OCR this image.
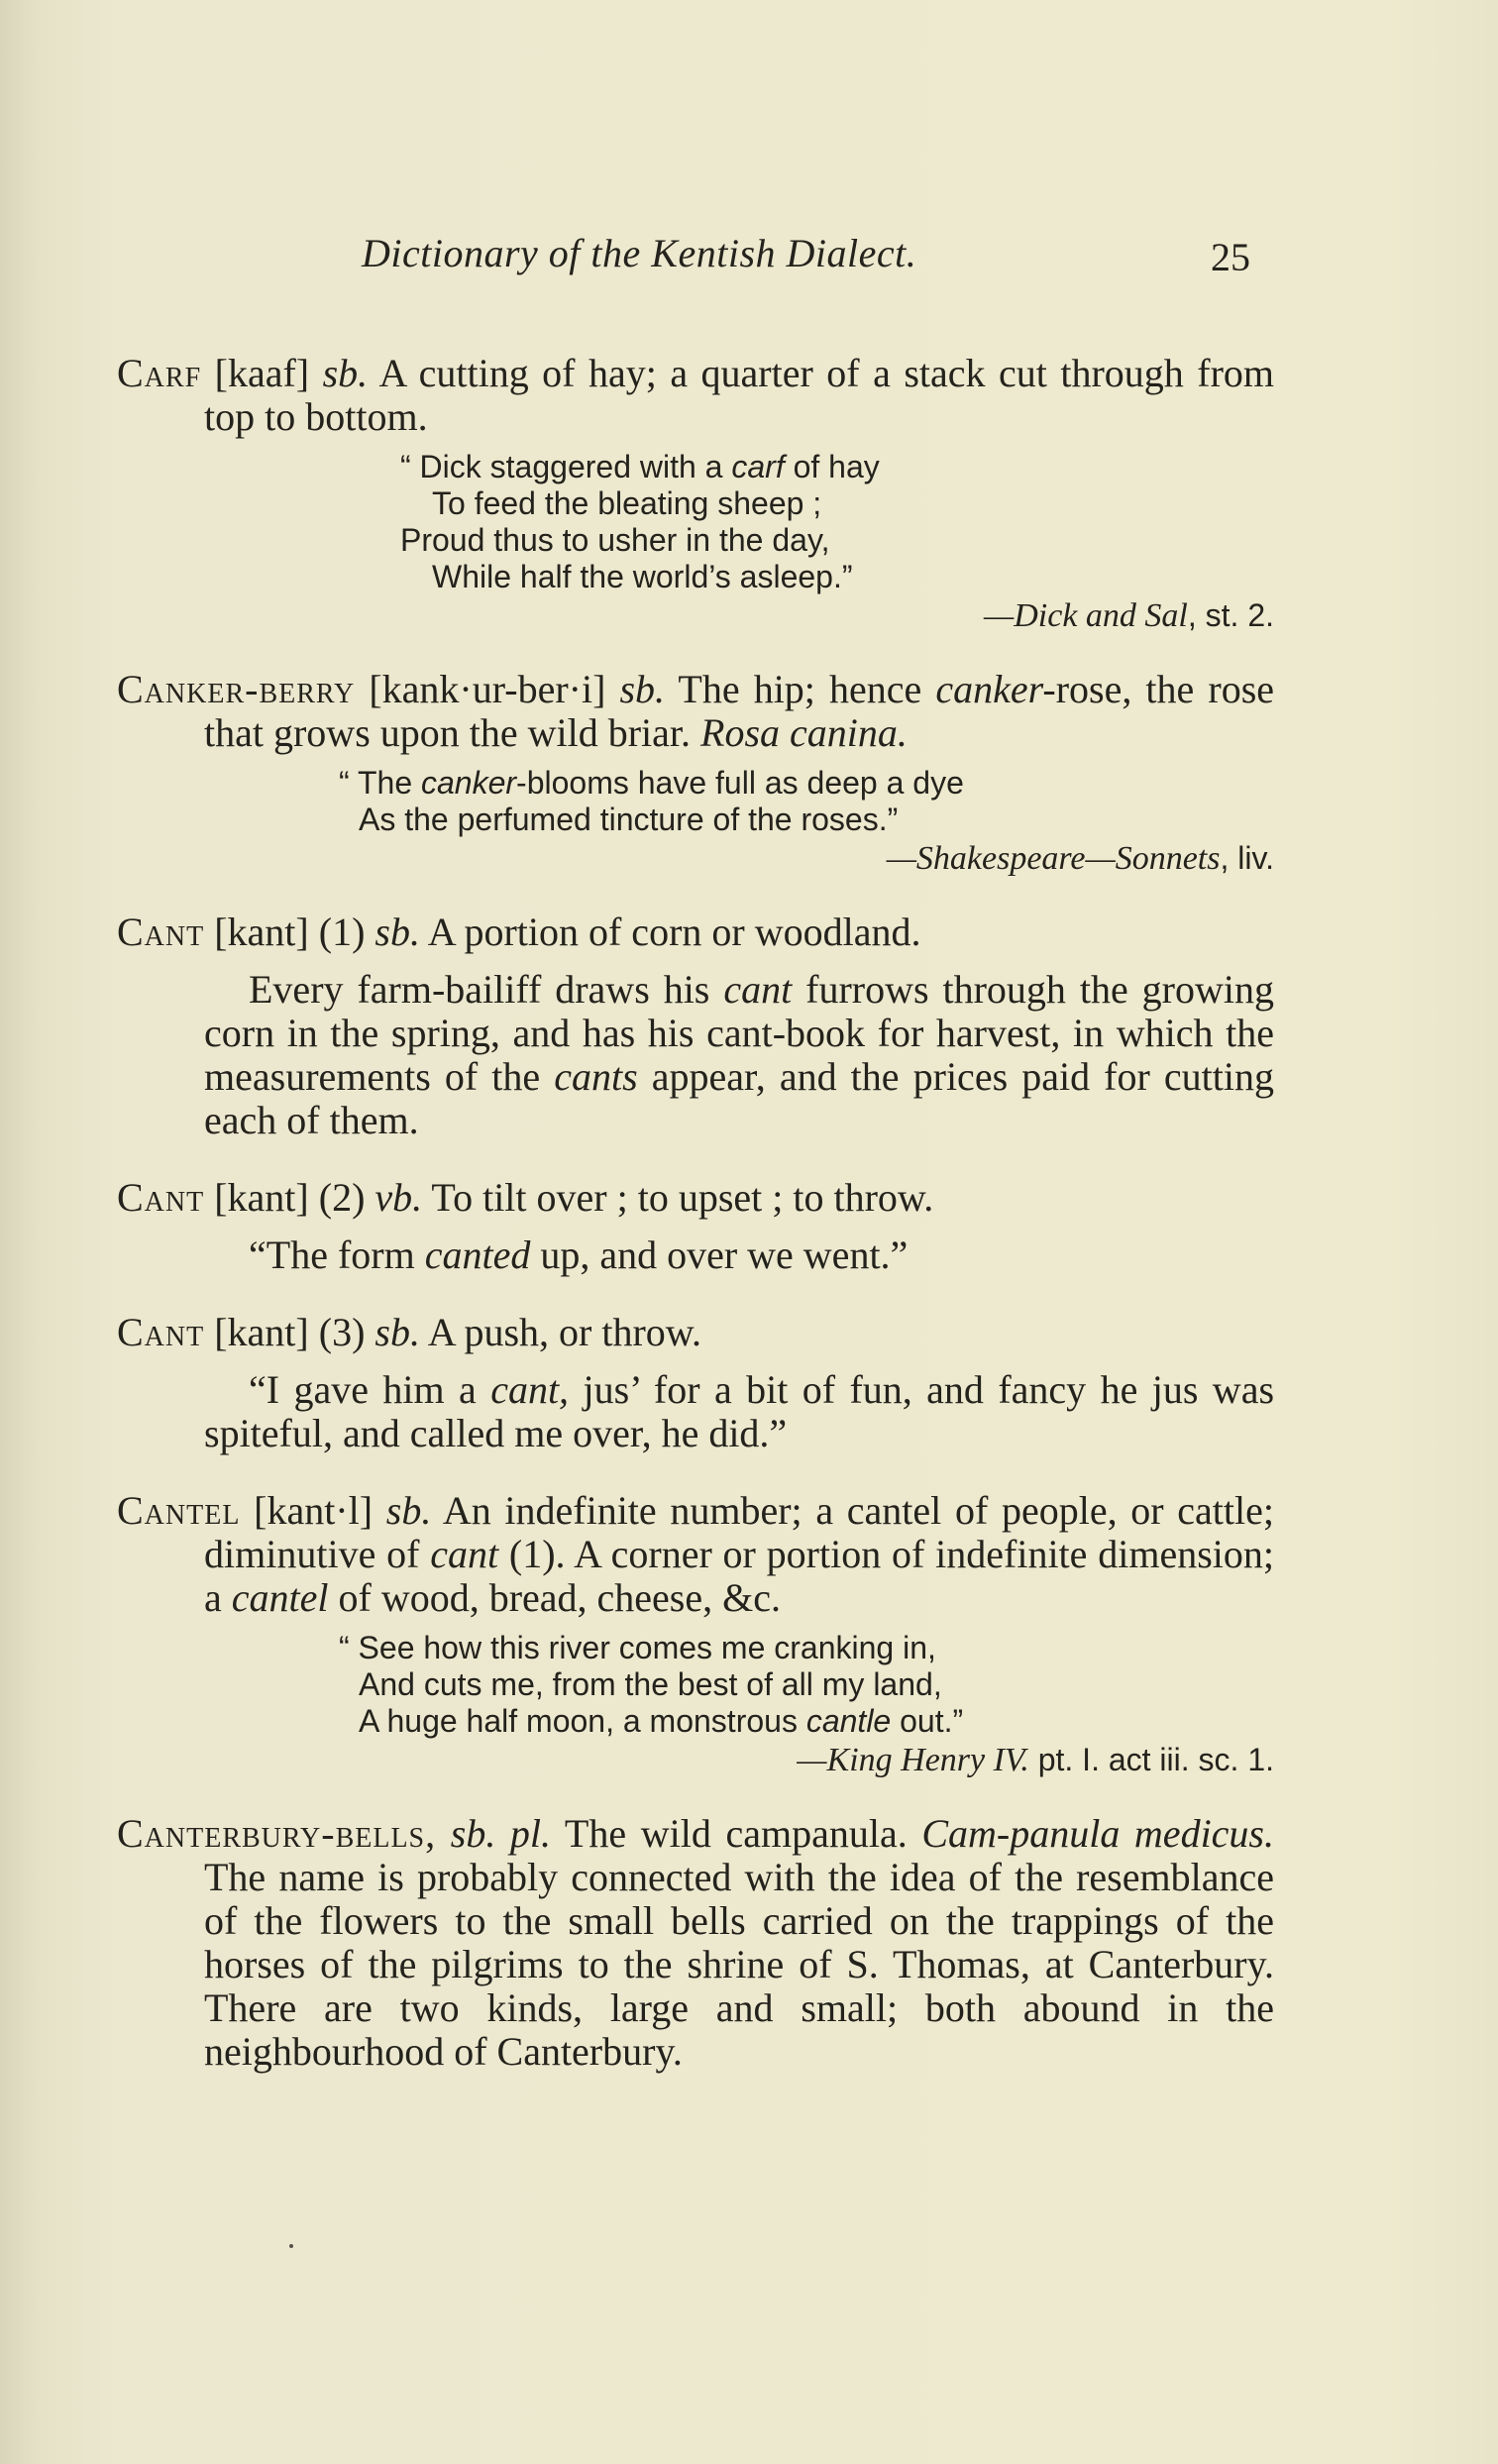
Dictionary of the Kentish Dialect.	25

Carf [kaaf] sb. A cutting of hay; a quarter of a stack cut through from top to bottom.

“ Dick staggered with a carf of hay
To feed the bleating sheep ;
Proud thus to usher in the day,
While half the world’s asleep.”
—Dick and Sal, st. 2.

Canker-berry [kank·ur-ber·i] sb. The hip; hence canker-rose, the rose that grows upon the wild briar. Rosa canina.

“ The canker-blooms have full as deep a dye
As the perfumed tincture of the roses.”
—Shakespeare—Sonnets, liv.

Cant [kant] (1) sb. A portion of corn or woodland.

Every farm-bailiff draws his cant furrows through the growing corn in the spring, and has his cant-book for harvest, in which the measurements of the cants appear, and the prices paid for cutting each of them.

Cant [kant] (2) vb. To tilt over ; to upset ; to throw.

“The form canted up, and over we went.”

Cant [kant] (3) sb. A push, or throw.

“I gave him a cant, jus’ for a bit of fun, and fancy he jus was spiteful, and called me over, he did.”

Cantel [kant·l] sb. An indefinite number; a cantel of people, or cattle; diminutive of cant (1). A corner or portion of indefinite dimension; a cantel of wood, bread, cheese, &c.

“ See how this river comes me cranking in,
And cuts me, from the best of all my land,
A huge half moon, a monstrous cantle out.”
—King Henry IV. pt. I. act iii. sc. 1.

Canterbury-bells, sb. pl. The wild campanula. Cam-panula medicus. The name is probably connected with the idea of the resemblance of the flowers to the small bells carried on the trappings of the horses of the pilgrims to the shrine of S. Thomas, at Canterbury. There are two kinds, large and small; both abound in the neighbourhood of Canterbury.
